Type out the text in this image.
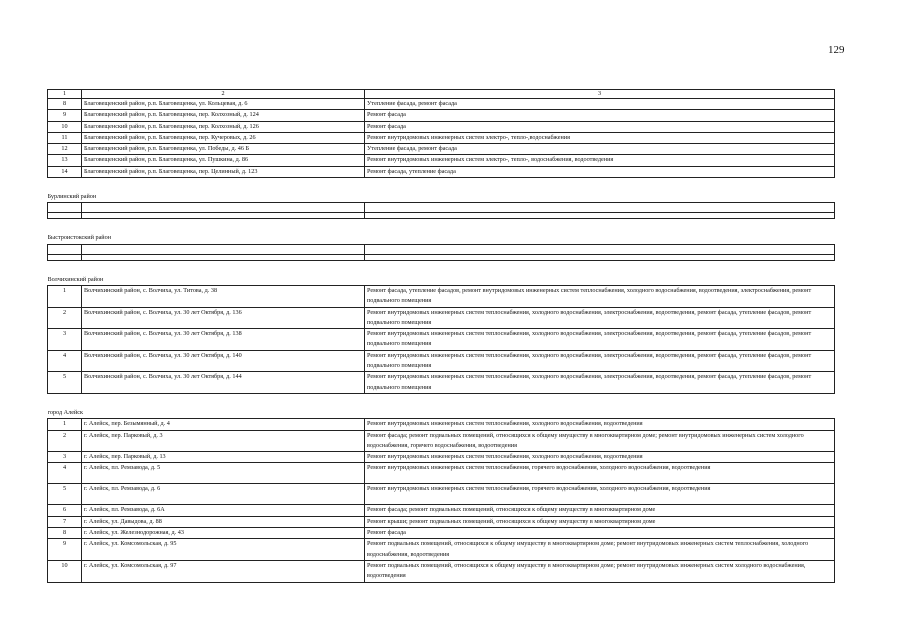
129
1	2	3
8	Благовещенский район, р.п. Благовещенка, ул. Кольцевая, д. 6	Утепление фасада, ремонт фасада
9	Благовещенский район, р.п. Благовещенка, пер. Колхозный, д. 124	Ремонт фасада
10	Благовещенский район, р.п. Благовещенка, пер. Колхозный, д. 126	Ремонт фасада
11	Благовещенский район, р.п. Благовещенка, пер. Кучеровых, д. 26	Ремонт внутридомовых инженерных систем электро-, тепло-,водоснабжения
12	Благовещенский район, р.п. Благовещенка, ул. Победы, д. 46 Б	Утепление фасада, ремонт фасада
13	Благовещенский район, р.п. Благовещенка, ул. Пушкина, д. 86	Ремонт внутридомовых инженерных систем электро-, тепло-, водоснабжения, водоотведения
14	Благовещенский район, р.п. Благовещенка, пер. Целинный, д. 123	Ремонт фасада, утепление фасада
Бурлинский район		

Быстроистокский район		

Волчихинский район		
1	Волчихинский район, с. Волчиха, ул. Титова, д. 38	Ремонт фасада, утепление фасадов, ремонт внутридомовых инженерных систем теплоснабжения, холодного водоснабжения, водоотведения, электроснабжения, ремонт подвального помещения
2	Волчихинский район, с. Волчиха, ул. 30 лет Октября, д. 136	Ремонт внутридомовых инженерных систем теплоснабжения, холодного водоснабжения, электроснабжения, водоотведения, ремонт фасада, утепление фасадов, ремонт подвального помещения
3	Волчихинский район, с. Волчиха, ул. 30 лет Октября, д. 138	Ремонт внутридомовых инженерных систем теплоснабжения, холодного водоснабжения, электроснабжения, водоотведения, ремонт фасада, утепление фасадов, ремонт подвального помещения
4	Волчихинский район, с. Волчиха, ул. 30 лет Октября, д. 140	Ремонт внутридомовых инженерных систем теплоснабжения, холодного водоснабжения, электроснабжения, водоотведения, ремонт фасада, утепление фасадов, ремонт подвального помещения
5	Волчихинский район, с. Волчиха, ул. 30 лет Октября, д. 144	Ремонт внутридомовых инженерных систем теплоснабжения, холодного водоснабжения, электроснабжения, водоотведения, ремонт фасада, утепление фасадов, ремонт подвального помещения
город Алейск		
1	г. Алейск, пер. Безымянный, д. 4	Ремонт внутридомовых инженерных систем теплоснабжения, холодного водоснабжения, водоотведения
2	г. Алейск, пер. Парковый, д. 3	Ремонт фасада; ремонт подвальных помещений, относящихся к общему имуществу в многоквартирном доме; ремонт внутридомовых инженерных систем холодного водоснабжения, горячего водоснабжения, водоотведения
3	г. Алейск, пер. Парковый, д. 13	Ремонт внутридомовых инженерных систем теплоснабжения, холодного водоснабжения, водоотведения
4	г. Алейск, пл. Ремзавода, д. 5	Ремонт внутридомовых инженерных систем теплоснабжения, горячего водоснабжения, холодного водоснабжения, водоотведения
5	г. Алейск, пл. Ремзавода, д. 6	Ремонт внутридомовых инженерных систем теплоснабжения, горячего водоснабжения, холодного водоснабжения, водоотведения
6	г. Алейск, пл. Ремзавода, д. 6А	Ремонт фасада; ремонт подвальных помещений, относящихся к общему имуществу в многоквартирном доме
7	г. Алейск, ул. Давыдова, д. 88	Ремонт крыши; ремонт подвальных помещений, относящихся к общему имуществу в многоквартирном доме
8	г. Алейск, ул. Железнодорожная, д. 43	Ремонт фасада
9	г. Алейск, ул. Комсомольская, д. 95	Ремонт подвальных помещений, относящихся к общему имуществу в многоквартирном доме; ремонт внутридомовых инженерных систем теплоснабжения, холодного водоснабжения, водоотведения
10	г. Алейск, ул. Комсомольская, д. 97	Ремонт подвальных помещений, относящихся к общему имуществу в многоквартирном доме; ремонт внутридомовых инженерных систем холодного водоснабжения, водоотведения
